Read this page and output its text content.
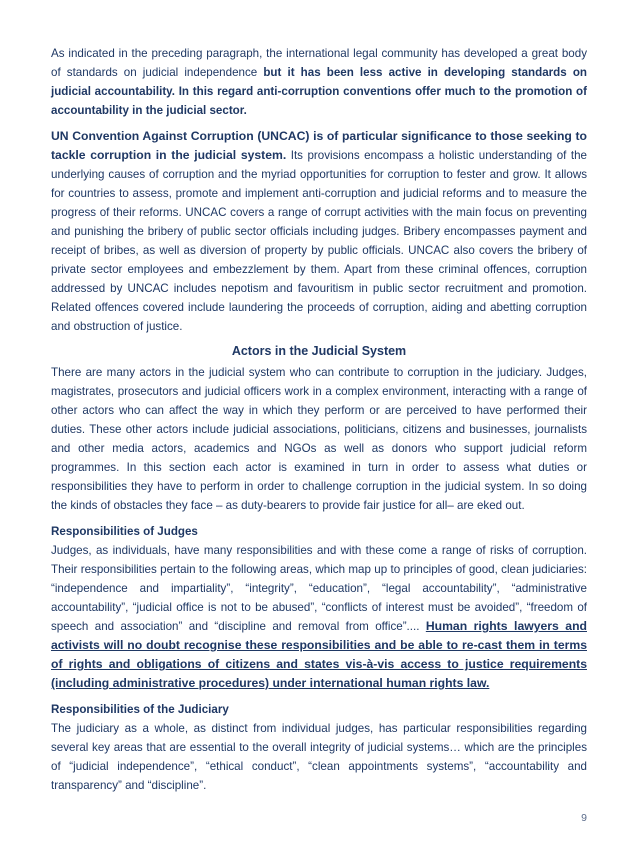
As indicated in the preceding paragraph, the international legal community has developed a great body of standards on judicial independence but it has been less active in developing standards on judicial accountability. In this regard anti-corruption conventions offer much to the promotion of accountability in the judicial sector.

UN Convention Against Corruption (UNCAC) is of particular significance to those seeking to tackle corruption in the judicial system. Its provisions encompass a holistic understanding of the underlying causes of corruption and the myriad opportunities for corruption to fester and grow. It allows for countries to assess, promote and implement anti-corruption and judicial reforms and to measure the progress of their reforms. UNCAC covers a range of corrupt activities with the main focus on preventing and punishing the bribery of public sector officials including judges. Bribery encompasses payment and receipt of bribes, as well as diversion of property by public officials. UNCAC also covers the bribery of private sector employees and embezzlement by them. Apart from these criminal offences, corruption addressed by UNCAC includes nepotism and favouritism in public sector recruitment and promotion. Related offences covered include laundering the proceeds of corruption, aiding and abetting corruption and obstruction of justice.

Actors in the Judicial System

There are many actors in the judicial system who can contribute to corruption in the judiciary. Judges, magistrates, prosecutors and judicial officers work in a complex environment, interacting with a range of other actors who can affect the way in which they perform or are perceived to have performed their duties. These other actors include judicial associations, politicians, citizens and businesses, journalists and other media actors, academics and NGOs as well as donors who support judicial reform programmes. In this section each actor is examined in turn in order to assess what duties or responsibilities they have to perform in order to challenge corruption in the judicial system. In so doing the kinds of obstacles they face – as duty-bearers to provide fair justice for all– are eked out.

Responsibilities of Judges

Judges, as individuals, have many responsibilities and with these come a range of risks of corruption. Their responsibilities pertain to the following areas, which map up to principles of good, clean judiciaries: “independence and impartiality”, “integrity”, “education”, “legal accountability”, “administrative accountability”, “judicial office is not to be abused”, “conflicts of interest must be avoided”, “freedom of speech and association” and “discipline and removal from office”.... Human rights lawyers and activists will no doubt recognise these responsibilities and be able to re-cast them in terms of rights and obligations of citizens and states vis-à-vis access to justice requirements (including administrative procedures) under international human rights law.

Responsibilities of the Judiciary

The judiciary as a whole, as distinct from individual judges, has particular responsibilities regarding several key areas that are essential to the overall integrity of judicial systems… which are the principles of “judicial independence”, “ethical conduct”, “clean appointments systems”, “accountability and transparency” and “discipline”.

9
